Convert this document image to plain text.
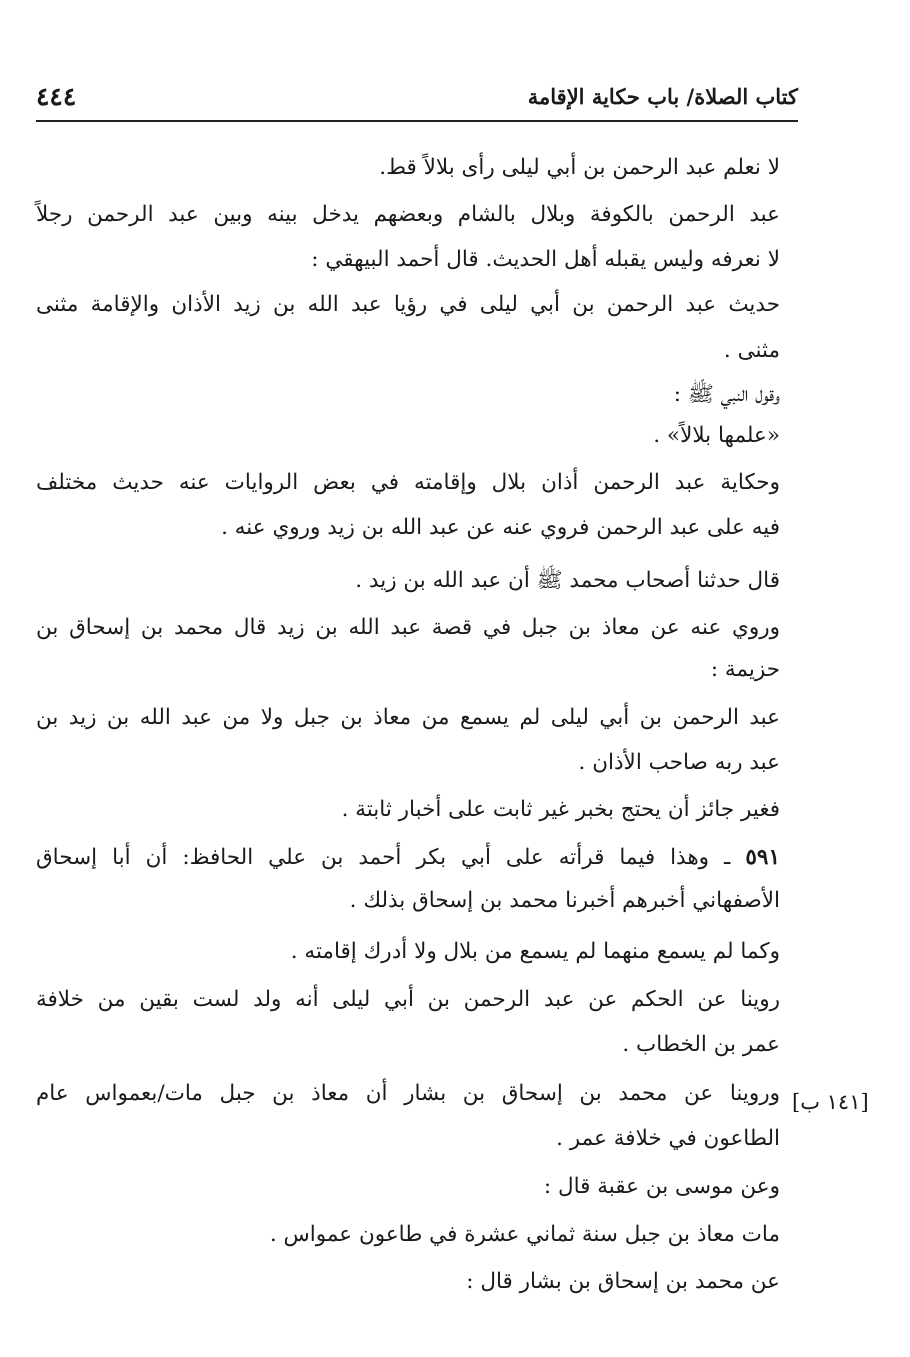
كتاب الصلاة/ باب حكاية الإقامة
٤٤٤
[١٤١ ب]
لا نعلم عبد الرحمن بن أبي ليلى رأى بلالاً قط.
عبد الرحمن بالكوفة وبلال بالشام وبعضهم يدخل بينه وبين عبد الرحمن رجلاً
لا نعرفه وليس يقبله أهل الحديث. قال أحمد البيهقي :
حديث عبد الرحمن بن أبي ليلى في رؤيا عبد الله بن زيد الأذان والإقامة مثنى
مثنى .
وقول النبي ﷺ :
«علمها بلالاً» .
وحكاية عبد الرحمن أذان بلال وإقامته في بعض الروايات عنه حديث مختلف
فيه على عبد الرحمن فروي عنه عن عبد الله بن زيد وروي عنه .
قال حدثنا أصحاب محمد ﷺ أن عبد الله بن زيد .
وروي عنه عن معاذ بن جبل في قصة عبد الله بن زيد قال محمد بن إسحاق بن
حزيمة :
عبد الرحمن بن أبي ليلى لم يسمع من معاذ بن جبل ولا من عبد الله بن زيد بن
عبد ربه صاحب الأذان .
فغير جائز أن يحتج بخبر غير ثابت على أخبار ثابتة .
٥٩١ ـ وهذا فيما قرأته على أبي بكر أحمد بن علي الحافظ: أن أبا إسحاق
الأصفهاني أخبرهم أخبرنا محمد بن إسحاق بذلك .
وكما لم يسمع منهما لم يسمع من بلال ولا أدرك إقامته .
روينا عن الحكم عن عبد الرحمن بن أبي ليلى أنه ولد لست بقين من خلافة
عمر بن الخطاب .
وروينا عن محمد بن إسحاق بن بشار أن معاذ بن جبل مات/بعمواس عام
الطاعون في خلافة عمر .
وعن موسى بن عقبة قال :
مات معاذ بن جبل سنة ثماني عشرة في طاعون عمواس .
عن محمد بن إسحاق بن بشار قال :
